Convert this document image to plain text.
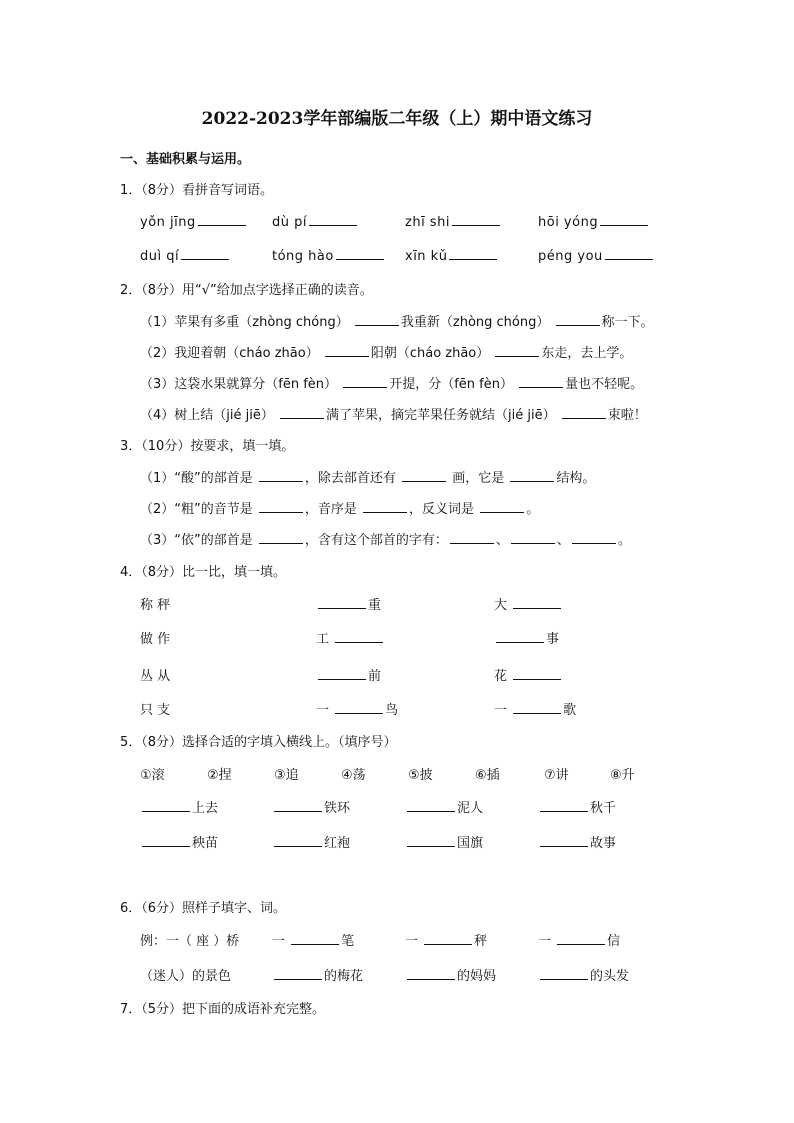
2022-2023学年部编版二年级（上）期中语文练习
一、基础积累与运用。
1．（8分）看拼音写词语。
yǒn jīng	dù pí	zhī shi	hōi yóng
duì qí	tóng hào	xīn kǔ	péng you
2．（8分）用“√”给加点字选择正确的读音。
（1）苹果有多重（zhòng chóng）	我重新（zhòng chóng）	称一下。
（2）我迎着朝（cháo zhāo）	阳朝（cháo zhāo）	东走，去上学。
（3）这袋水果就算分（fēn fèn）	开提，分（fēn fèn）	量也不轻呢。
（4）树上结（jié jiē）	满了苹果，摘完苹果任务就结（jié jiē）	束啦！
3．（10分）按要求，填一填。
（1）“酸”的部首是	，除去部首还有	画，它是	结构。
（2）“粗”的音节是	，音序是	，反义词是	。
（3）“依”的部首是	，含有这个部首的字有：	、	、	。
4．（8分）比一比，填一填。
称 秤	重	大
做 作	工	事
丛 从	前	花
只 支	一	鸟	一	歌
5．（8分）选择合适的字填入横线上。（填序号）
①滚	②捏	③追	④荡	⑤披	⑥插	⑦讲	⑧升
上去	铁环	泥人	秋千
秧苗	红袍	国旗	故事
6．（6分）照样子填字、词。
例：一（ 座 ）桥	一	笔	一	秤	一	信
（迷人）的景色	的梅花	的妈妈	的头发
7．（5分）把下面的成语补充完整。
